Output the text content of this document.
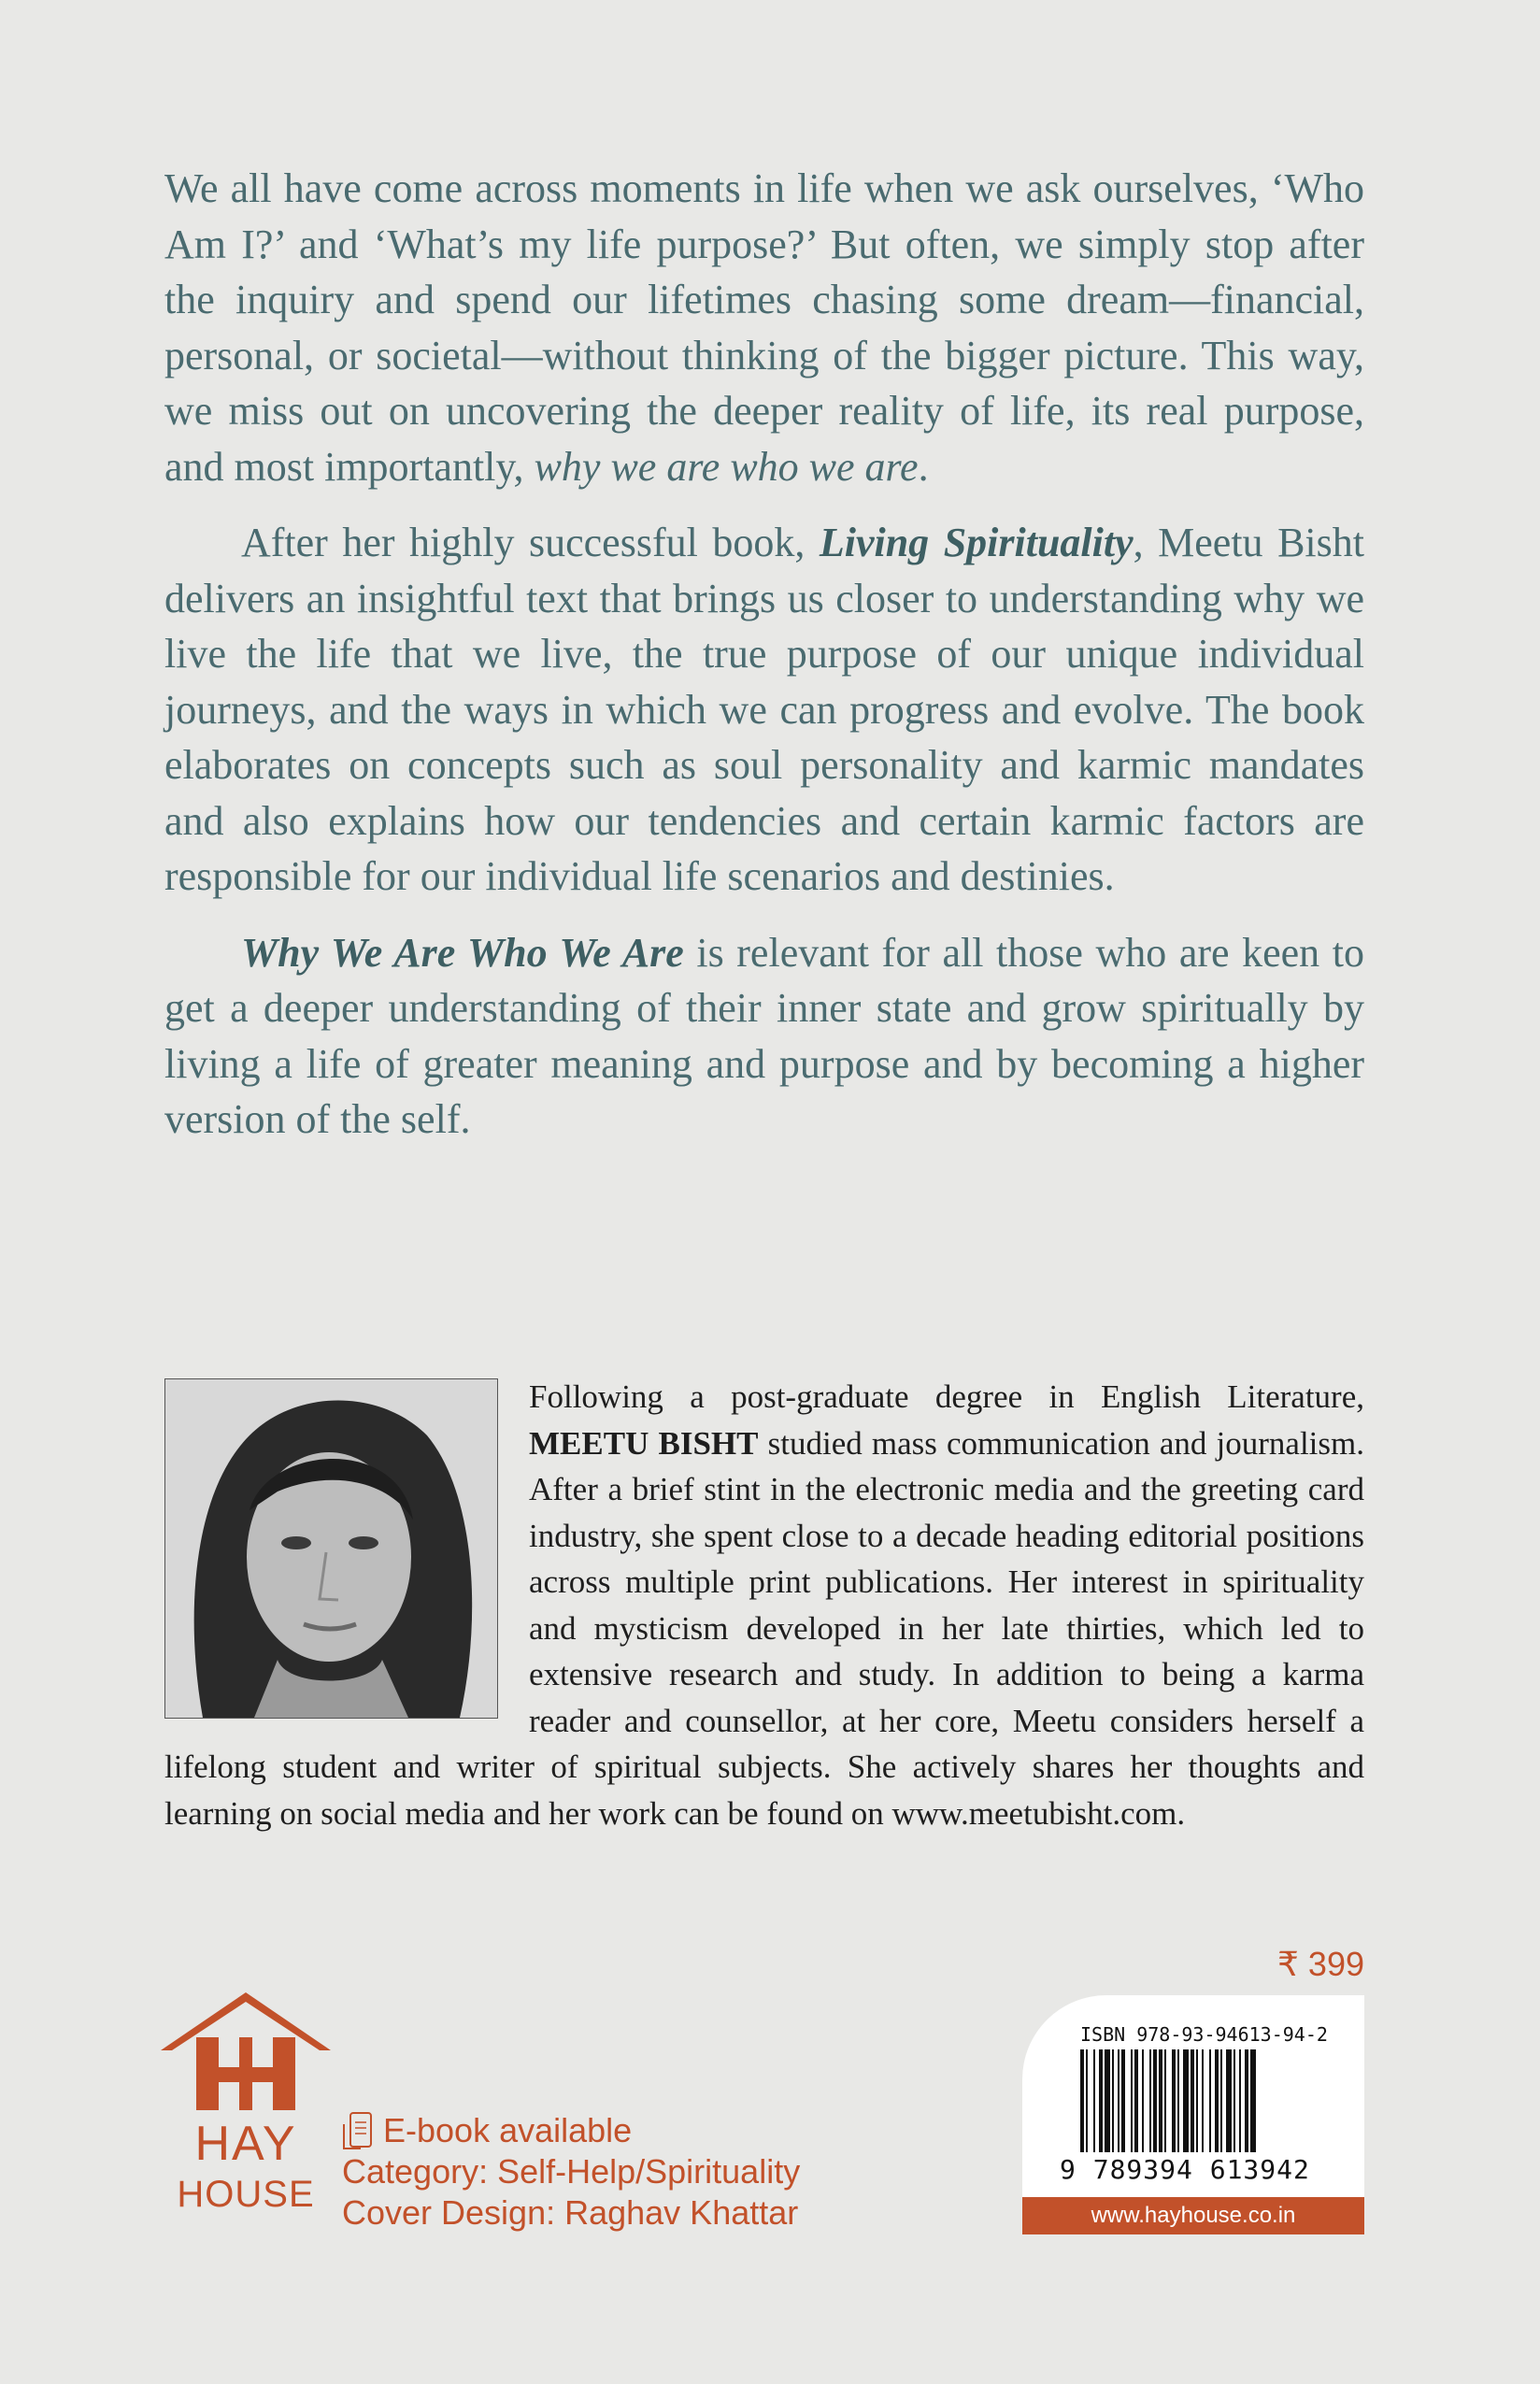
We all have come across moments in life when we ask ourselves, ‘Who Am I?’ and ‘What’s my life purpose?’ But often, we simply stop after the inquiry and spend our lifetimes chasing some dream—financial, personal, or societal—without thinking of the bigger picture. This way, we miss out on uncovering the deeper reality of life, its real purpose, and most importantly, why we are who we are.

After her highly successful book, Living Spirituality, Meetu Bisht delivers an insightful text that brings us closer to understanding why we live the life that we live, the true purpose of our unique individual journeys, and the ways in which we can progress and evolve. The book elaborates on concepts such as soul personality and karmic mandates and also explains how our tendencies and certain karmic factors are responsible for our individual life scenarios and destinies.

Why We Are Who We Are is relevant for all those who are keen to get a deeper understanding of their inner state and grow spiritually by living a life of greater meaning and purpose and by becoming a higher version of the self.

Following a post-graduate degree in English Literature, MEETU BISHT studied mass communication and journalism. After a brief stint in the electronic media and the greeting card industry, she spent close to a decade heading editorial positions across multiple print publications. Her interest in spirituality and mysticism developed in her late thirties, which led to extensive research and study. In addition to being a karma reader and counsellor, at her core, Meetu considers herself a lifelong student and writer of spiritual subjects. She actively shares her thoughts and learning on social media and her work can be found on www.meetubisht.com.
₹ 399
HAY
HOUSE
E-book available
Category: Self-Help/Spirituality
Cover Design: Raghav Khattar
ISBN 978-93-94613-94-2
9 789394 613942
www.hayhouse.co.in
